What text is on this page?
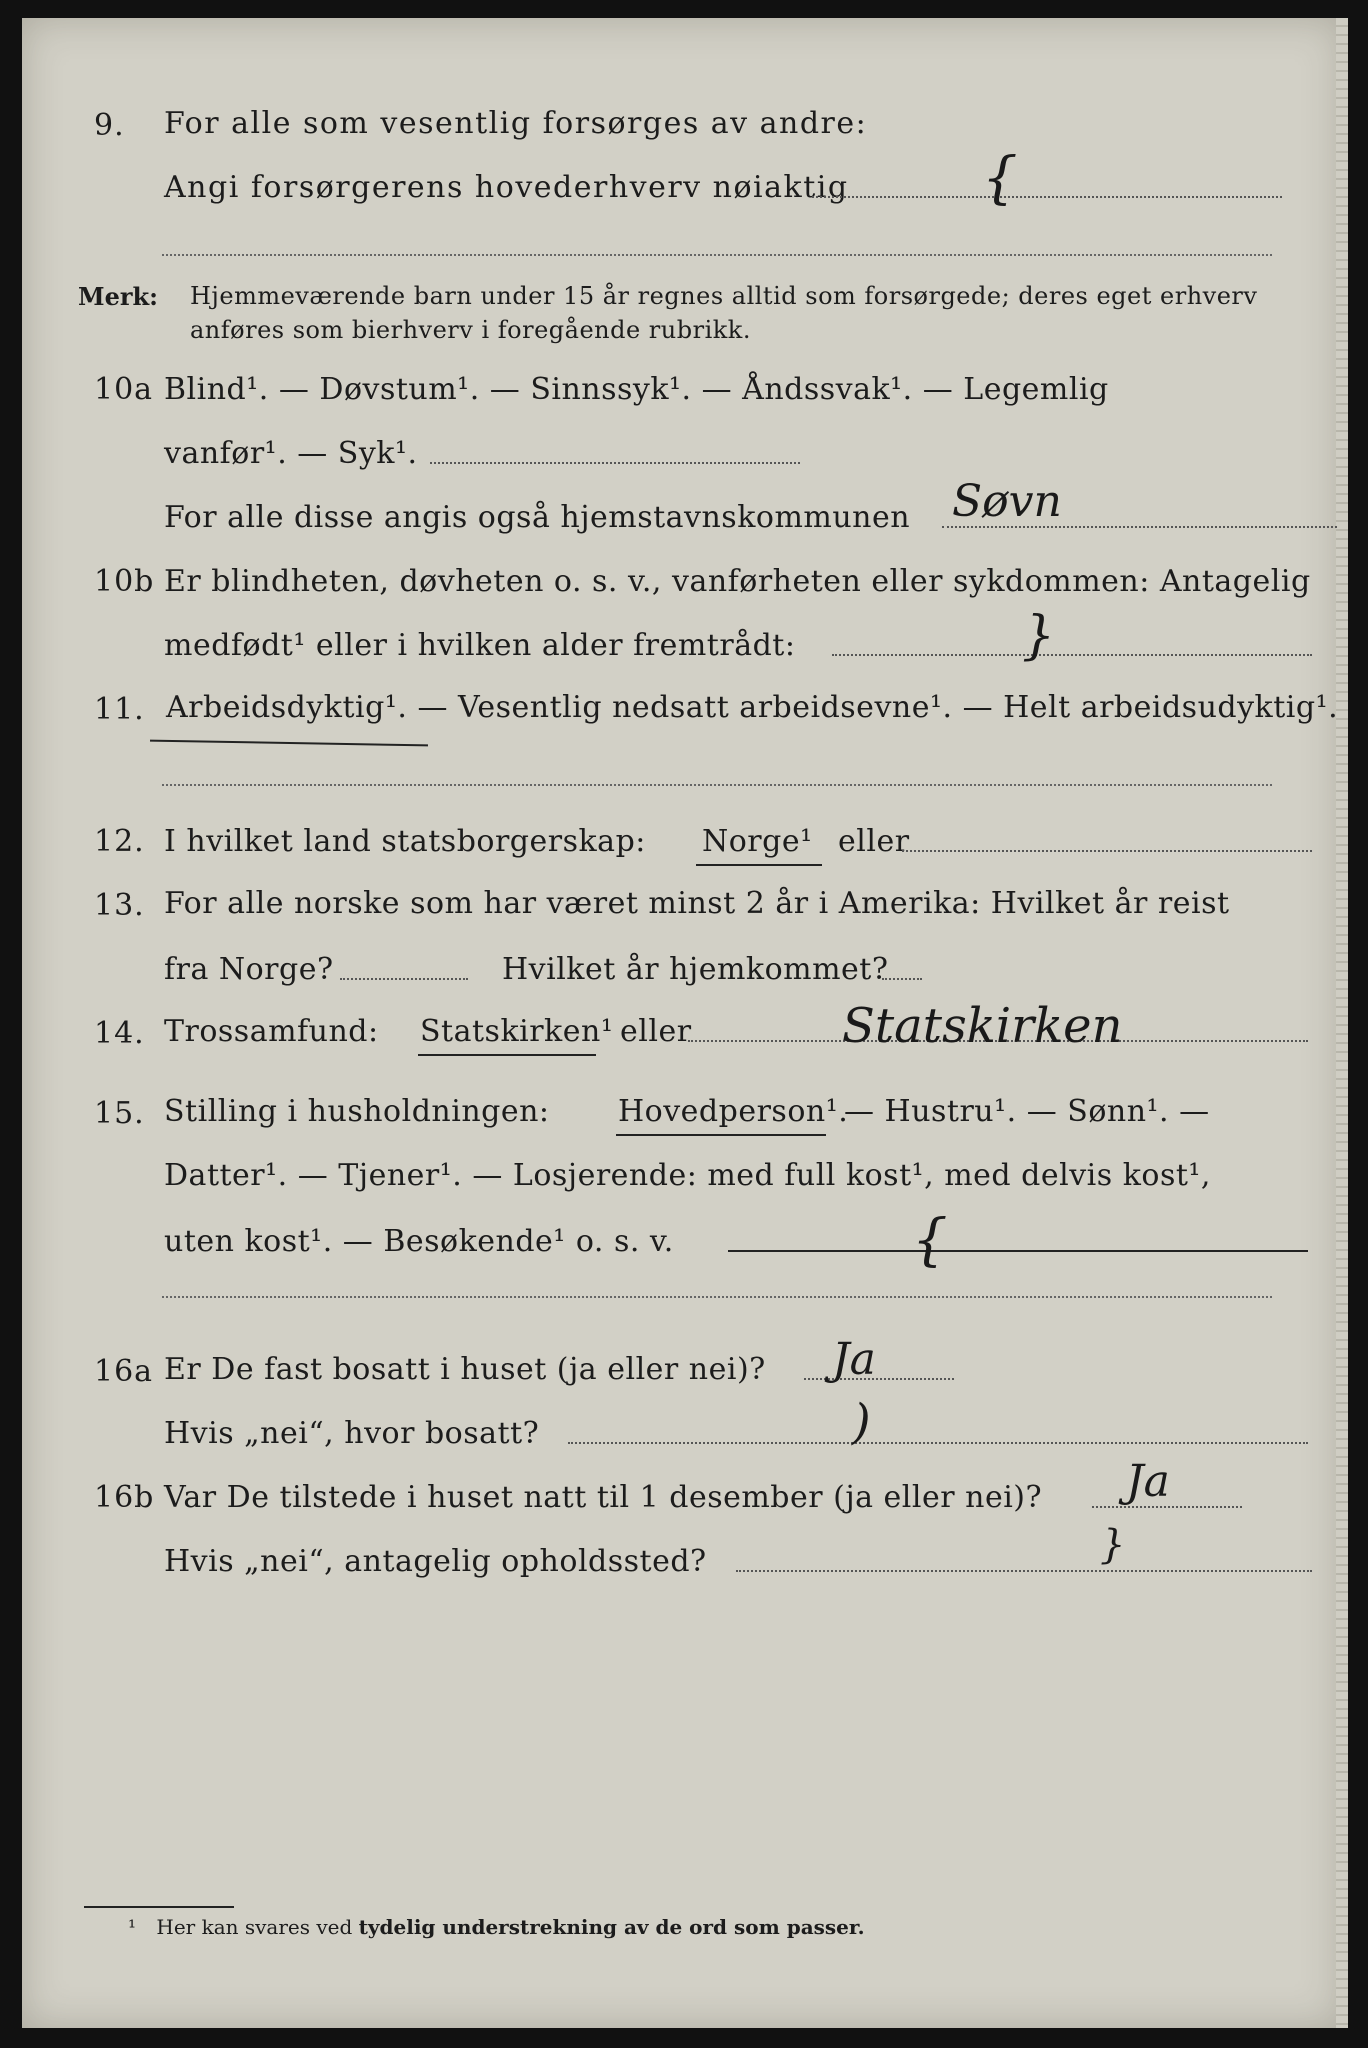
9. For alle som vesentlig forsørges av andre:
Angi forsørgerens hovederhverv nøiaktig {
Merk: Hjemmeværende barn under 15 år regnes alltid som forsørgede; deres eget erhverv
anføres som bierhverv i foregående rubrikk.
10a Blind¹. — Døvstum¹. — Sinnssyk¹. — Åndssvak¹. — Legemlig
vanfør¹. — Syk¹.
For alle disse angis også hjemstavnskommunen Søvn
10b Er blindheten, døvheten o. s. v., vanførheten eller sykdommen: Antagelig
medfødt¹ eller i hvilken alder fremtrådt:	}
11. Arbeidsdyktig¹. — Vesentlig nedsatt arbeidsevne¹. — Helt arbeidsudyktig¹.
12. I hvilket land statsborgerskap: Norge¹ eller
13. For alle norske som har været minst 2 år i Amerika: Hvilket år reist
fra Norge?	Hvilket år hjemkommet?
14. Trossamfund: Statskirken¹ eller	Statskirken
15. Stilling i husholdningen: Hovedperson¹.
— Hustru¹. — Sønn¹. —
Datter¹. — Tjener¹. — Losjerende: med full kost¹, med delvis kost¹,
uten kost¹. — Besøkende¹ o. s. v.	{
16a Er De fast bosatt i huset (ja eller nei)? Ja
Hvis „nei“, hvor bosatt?	)
16b Var De tilstede i huset natt til 1 desember (ja eller nei)? Ja
Hvis „nei“, antagelig opholdssted?	}
¹ Her kan svares ved tydelig understrekning av de ord som passer.
